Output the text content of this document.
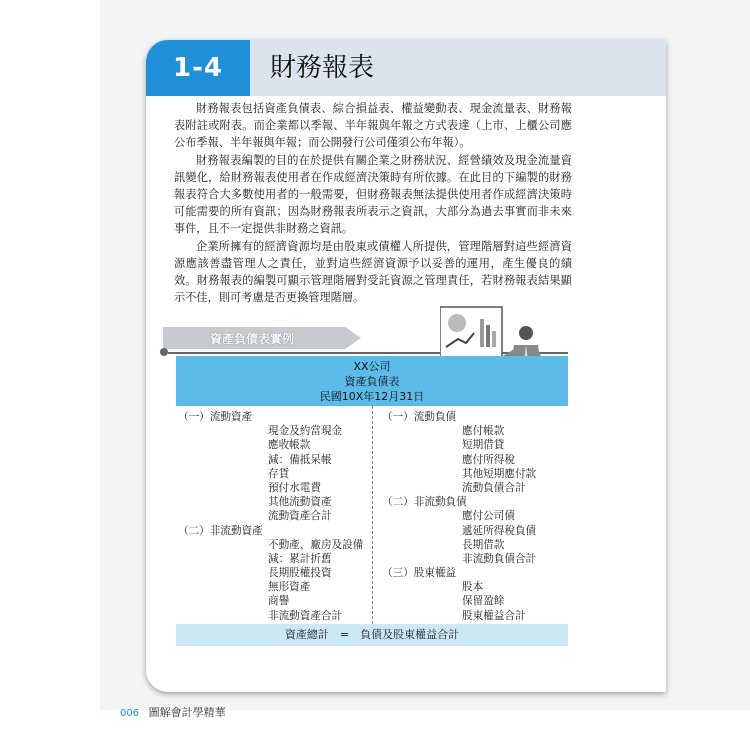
1-4	財務報表

財務報表包括資產負債表、綜合損益表、權益變動表、現金流量表、財務報表附註或附表。而企業都以季報、半年報與年報之方式表達（上市、上櫃公司應公布季報、半年報與年報；而公開發行公司僅須公布年報）。

財務報表編製的目的在於提供有關企業之財務狀況、經營績效及現金流量資訊變化，給財務報表使用者在作成經濟決策時有所依據。在此目的下編製的財務報表符合大多數使用者的一般需要，但財務報表無法提供使用者作成經濟決策時可能需要的所有資訊；因為財務報表所表示之資訊，大部分為過去事實而非未來事件，且不一定提供非財務之資訊。

企業所擁有的經濟資源均是由股東或債權人所提供，管理階層對這些經濟資源應該善盡管理人之責任，並對這些經濟資源予以妥善的運用，產生優良的績效。財務報表的編製可顯示管理階層對受託資源之管理責任，若財務報表結果顯示不佳，則可考慮是否更換管理階層。

資產負債表實例
XX公司
資產負債表
民國10X年12月31日
（一）流動資產
現金及約當現金
應收帳款
減：備抵呆帳
存貨
預付水電費
其他流動資產
流動資產合計
（二）非流動資產
不動產、廠房及設備
減：累計折舊
長期股權投資
無形資產
商譽
非流動資產合計
（一）流動負債
應付帳款
短期借貸
應付所得稅
其他短期應付款
流動負債合計
（二）非流動負債
應付公司債
遞延所得稅負債
長期借款
非流動負債合計
（三）股東權益
股本
保留盈餘
股東權益合計
資產總計　=　負債及股東權益合計
006 圖解會計學精華
